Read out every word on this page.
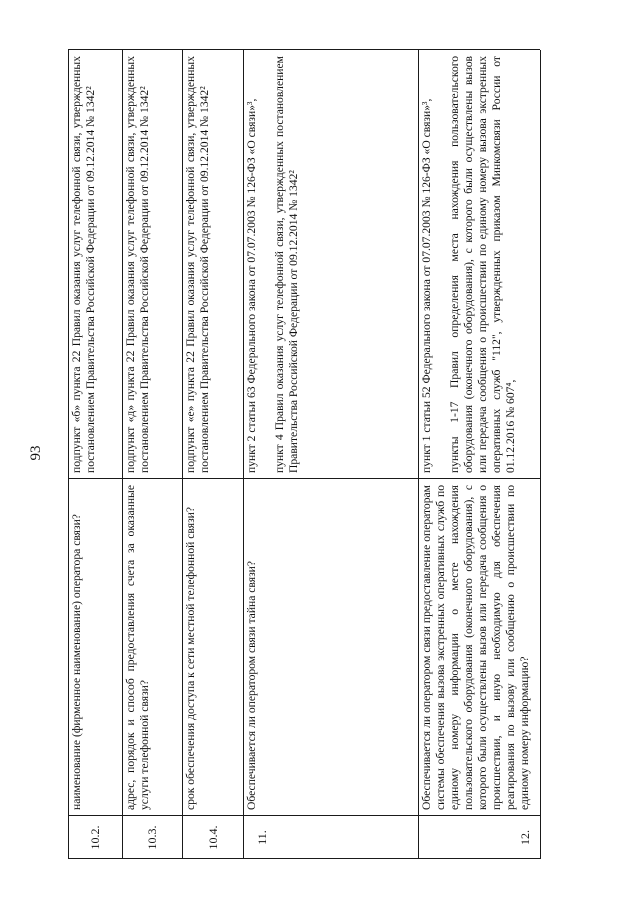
93
10.2.
наименование (фирменное наименование) оператора связи?

подпункт «б» пункта 22 Правил оказания услуг телефонной связи, утвержденных постановлением Правительства Российской Федерации от 09.12.2014 № 1342²

10.3.
адрес, порядок и способ предоставления счета за оказанные услуги телефонной связи?

подпункт «д» пункта 22 Правил оказания услуг телефонной связи, утвержденных постановлением Правительства Российской Федерации от 09.12.2014 № 1342²

10.4.
срок обеспечения доступа к сети местной телефонной связи?

подпункт «е» пункта 22 Правил оказания услуг телефонной связи, утвержденных постановлением Правительства Российской Федерации от 09.12.2014 № 1342²

11.
Обеспечивается ли оператором связи тайна связи?

пункт 2 статьи 63 Федерального закона от 07.07.2003 № 126-ФЗ «О связи»³, пункт 4 Правил оказания услуг телефонной связи, утвержденных постановлением Правительства Российской Федерации от 09.12.2014 № 1342²

12.
Обеспечивается ли оператором связи предоставление операторам системы обеспечения вызова экстренных оперативных служб по единому номеру информации о месте нахождения пользовательского оборудования (оконечного оборудования), с которого были осуществлены вызов или передача сообщения о происшествии, и иную необходимую для обеспечения реагирования по вызову или сообщению о происшествии по единому номеру информацию?

пункт 1 статьи 52 Федерального закона от 07.07.2003 № 126-ФЗ «О связи»³, пункты 1-17 Правил определения места нахождения пользовательского оборудования (оконечного оборудования), с которого были осуществлены вызов или передача сообщения о происшествии по единому номеру вызова экстренных оперативных служб "112", утвержденных приказом Минкомсвязи России от 01.12.2016 № 607⁴,
